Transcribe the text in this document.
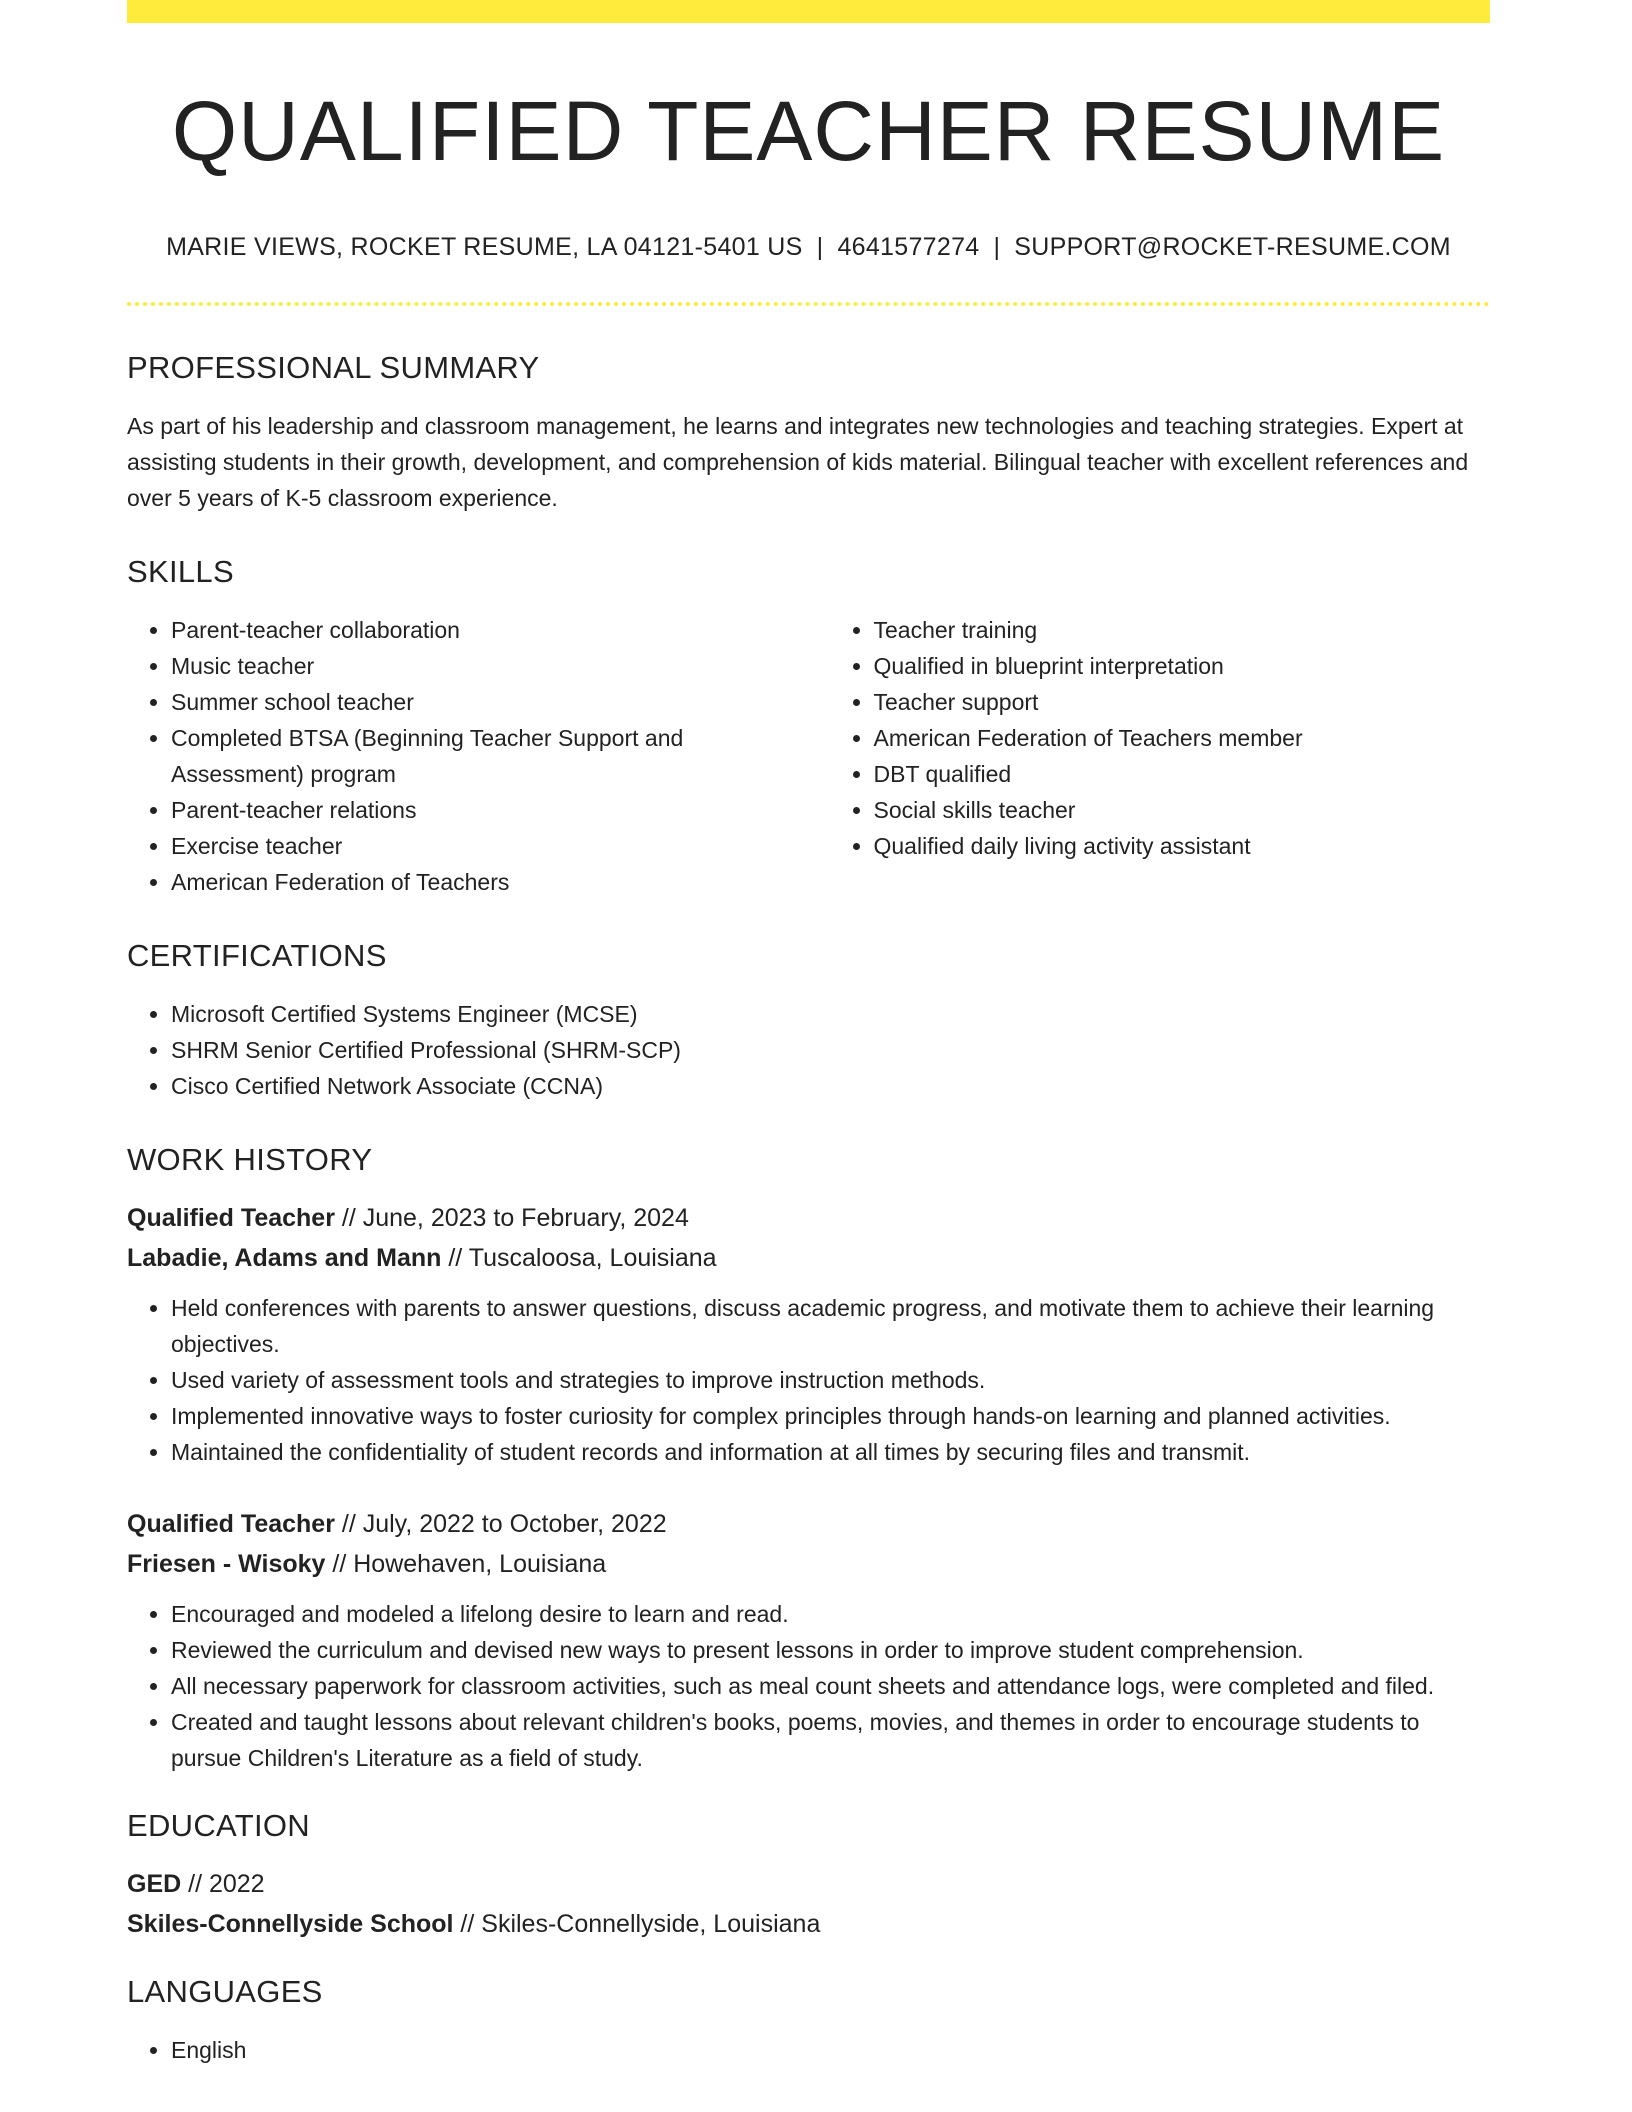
QUALIFIED TEACHER RESUME
MARIE VIEWS, ROCKET RESUME, LA 04121-5401 US | 4641577274 | SUPPORT@ROCKET-RESUME.COM
PROFESSIONAL SUMMARY

As part of his leadership and classroom management, he learns and integrates new technologies and teaching strategies. Expert at assisting students in their growth, development, and comprehension of kids material. Bilingual teacher with excellent references and over 5 years of K-5 classroom experience.

SKILLS
• Parent-teacher collaboration
• Music teacher
• Summer school teacher
• Completed BTSA (Beginning Teacher Support and Assessment) program
• Parent-teacher relations
• Exercise teacher
• American Federation of Teachers
• Teacher training
• Qualified in blueprint interpretation
• Teacher support
• American Federation of Teachers member
• DBT qualified
• Social skills teacher
• Qualified daily living activity assistant
CERTIFICATIONS
• Microsoft Certified Systems Engineer (MCSE)
• SHRM Senior Certified Professional (SHRM-SCP)
• Cisco Certified Network Associate (CCNA)
WORK HISTORY
Qualified Teacher // June, 2023 to February, 2024
Labadie, Adams and Mann // Tuscaloosa, Louisiana
• Held conferences with parents to answer questions, discuss academic progress, and motivate them to achieve their learning objectives.
• Used variety of assessment tools and strategies to improve instruction methods.
• Implemented innovative ways to foster curiosity for complex principles through hands-on learning and planned activities.
• Maintained the confidentiality of student records and information at all times by securing files and transmit.
Qualified Teacher // July, 2022 to October, 2022
Friesen - Wisoky // Howehaven, Louisiana
• Encouraged and modeled a lifelong desire to learn and read.
• Reviewed the curriculum and devised new ways to present lessons in order to improve student comprehension.
• All necessary paperwork for classroom activities, such as meal count sheets and attendance logs, were completed and filed.
• Created and taught lessons about relevant children's books, poems, movies, and themes in order to encourage students to pursue Children's Literature as a field of study.
EDUCATION
GED // 2022
Skiles-Connellyside School // Skiles-Connellyside, Louisiana
LANGUAGES
• English
